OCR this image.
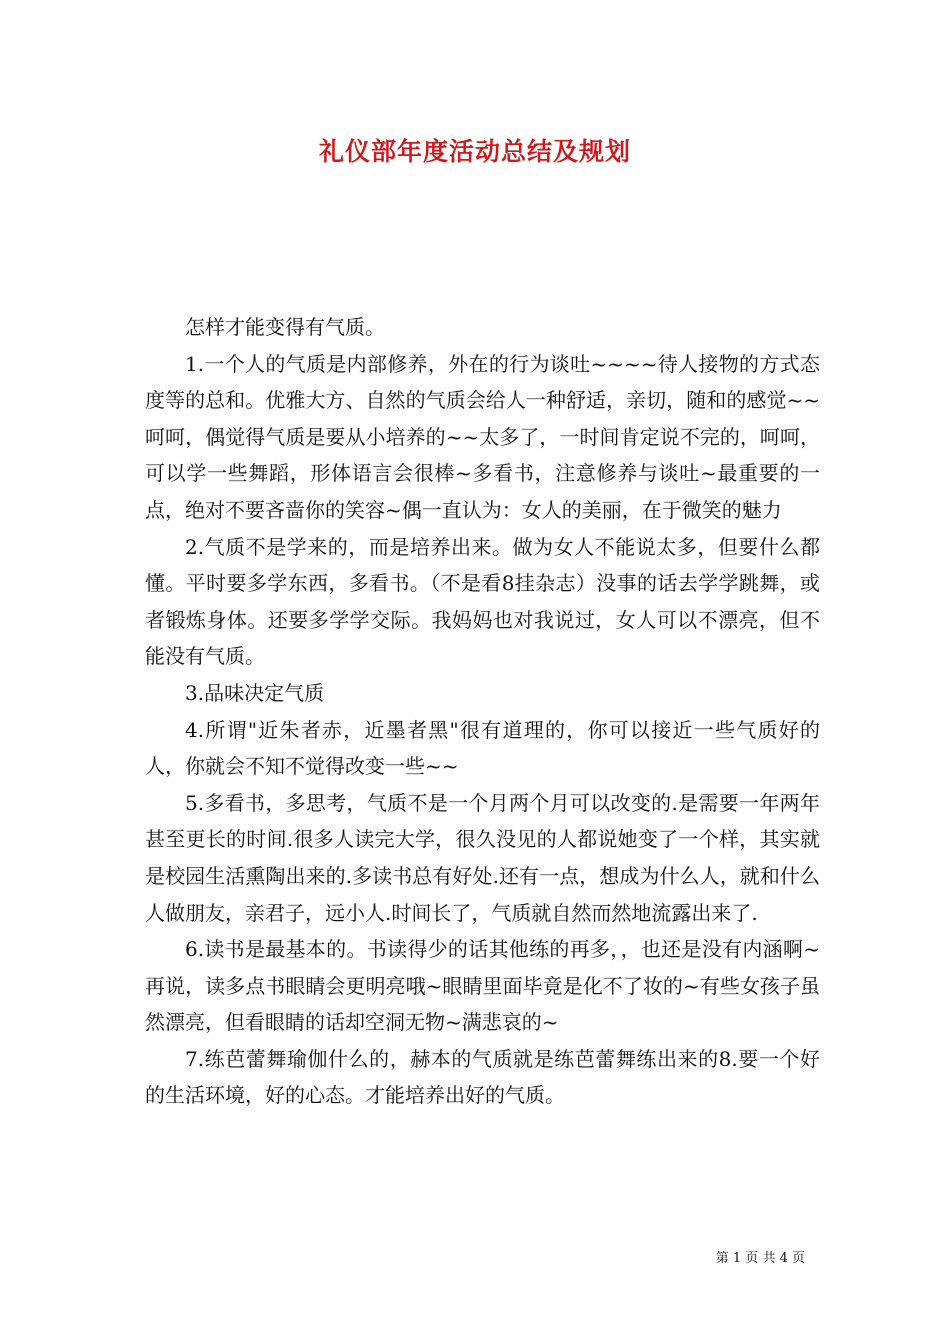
礼仪部年度活动总结及规划

怎样才能变得有气质。

1.一个人的气质是内部修养，外在的行为谈吐~~~~待人接物的方式态度等的总和。优雅大方、自然的气质会给人一种舒适，亲切，随和的感觉~~呵呵，偶觉得气质是要从小培养的~~太多了，一时间肯定说不完的，呵呵，可以学一些舞蹈，形体语言会很棒~多看书，注意修养与谈吐~最重要的一点，绝对不要吝啬你的笑容~偶一直认为：女人的美丽，在于微笑的魅力

2.气质不是学来的，而是培养出来。做为女人不能说太多，但要什么都懂。平时要多学东西，多看书。（不是看8挂杂志）没事的话去学学跳舞，或者锻炼身体。还要多学学交际。我妈妈也对我说过，女人可以不漂亮，但不能没有气质。

3.品味决定气质

4.所谓"近朱者赤，近墨者黑"很有道理的，你可以接近一些气质好的人，你就会不知不觉得改变一些~~

5.多看书，多思考，气质不是一个月两个月可以改变的.是需要一年两年甚至更长的时间.很多人读完大学，很久没见的人都说她变了一个样，其实就是校园生活熏陶出来的.多读书总有好处.还有一点，想成为什么人，就和什么人做朋友，亲君子，远小人.时间长了，气质就自然而然地流露出来了.

6.读书是最基本的。书读得少的话其他练的再多，，也还是没有内涵啊~再说，读多点书眼睛会更明亮哦~眼睛里面毕竟是化不了妆的~有些女孩子虽然漂亮，但看眼睛的话却空洞无物~满悲哀的~

7.练芭蕾舞瑜伽什么的，赫本的气质就是练芭蕾舞练出来的8.要一个好的生活环境，好的心态。才能培养出好的气质。

第 1 页 共 4 页
